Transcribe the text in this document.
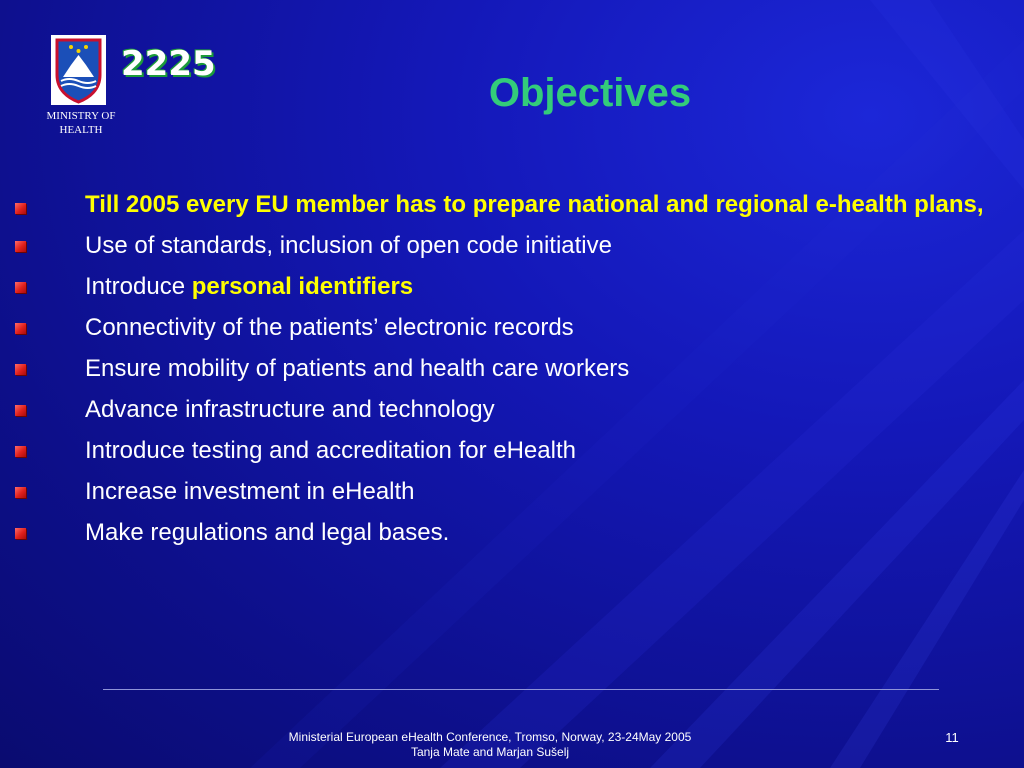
MINISTRY OF HEALTH
2225
Objectives
Till 2005 every EU member has to prepare national and regional e-health plans,
Use of standards, inclusion of open code initiative
Introduce personal identifiers
Connectivity of the patients’ electronic records
Ensure mobility of patients and health care workers
Advance infrastructure and technology
Introduce testing and accreditation for eHealth
Increase investment in eHealth
Make regulations and legal bases.
Ministerial European eHealth Conference, Tromso, Norway, 23-24May 2005
Tanja Mate and Marjan Sušelj
11
